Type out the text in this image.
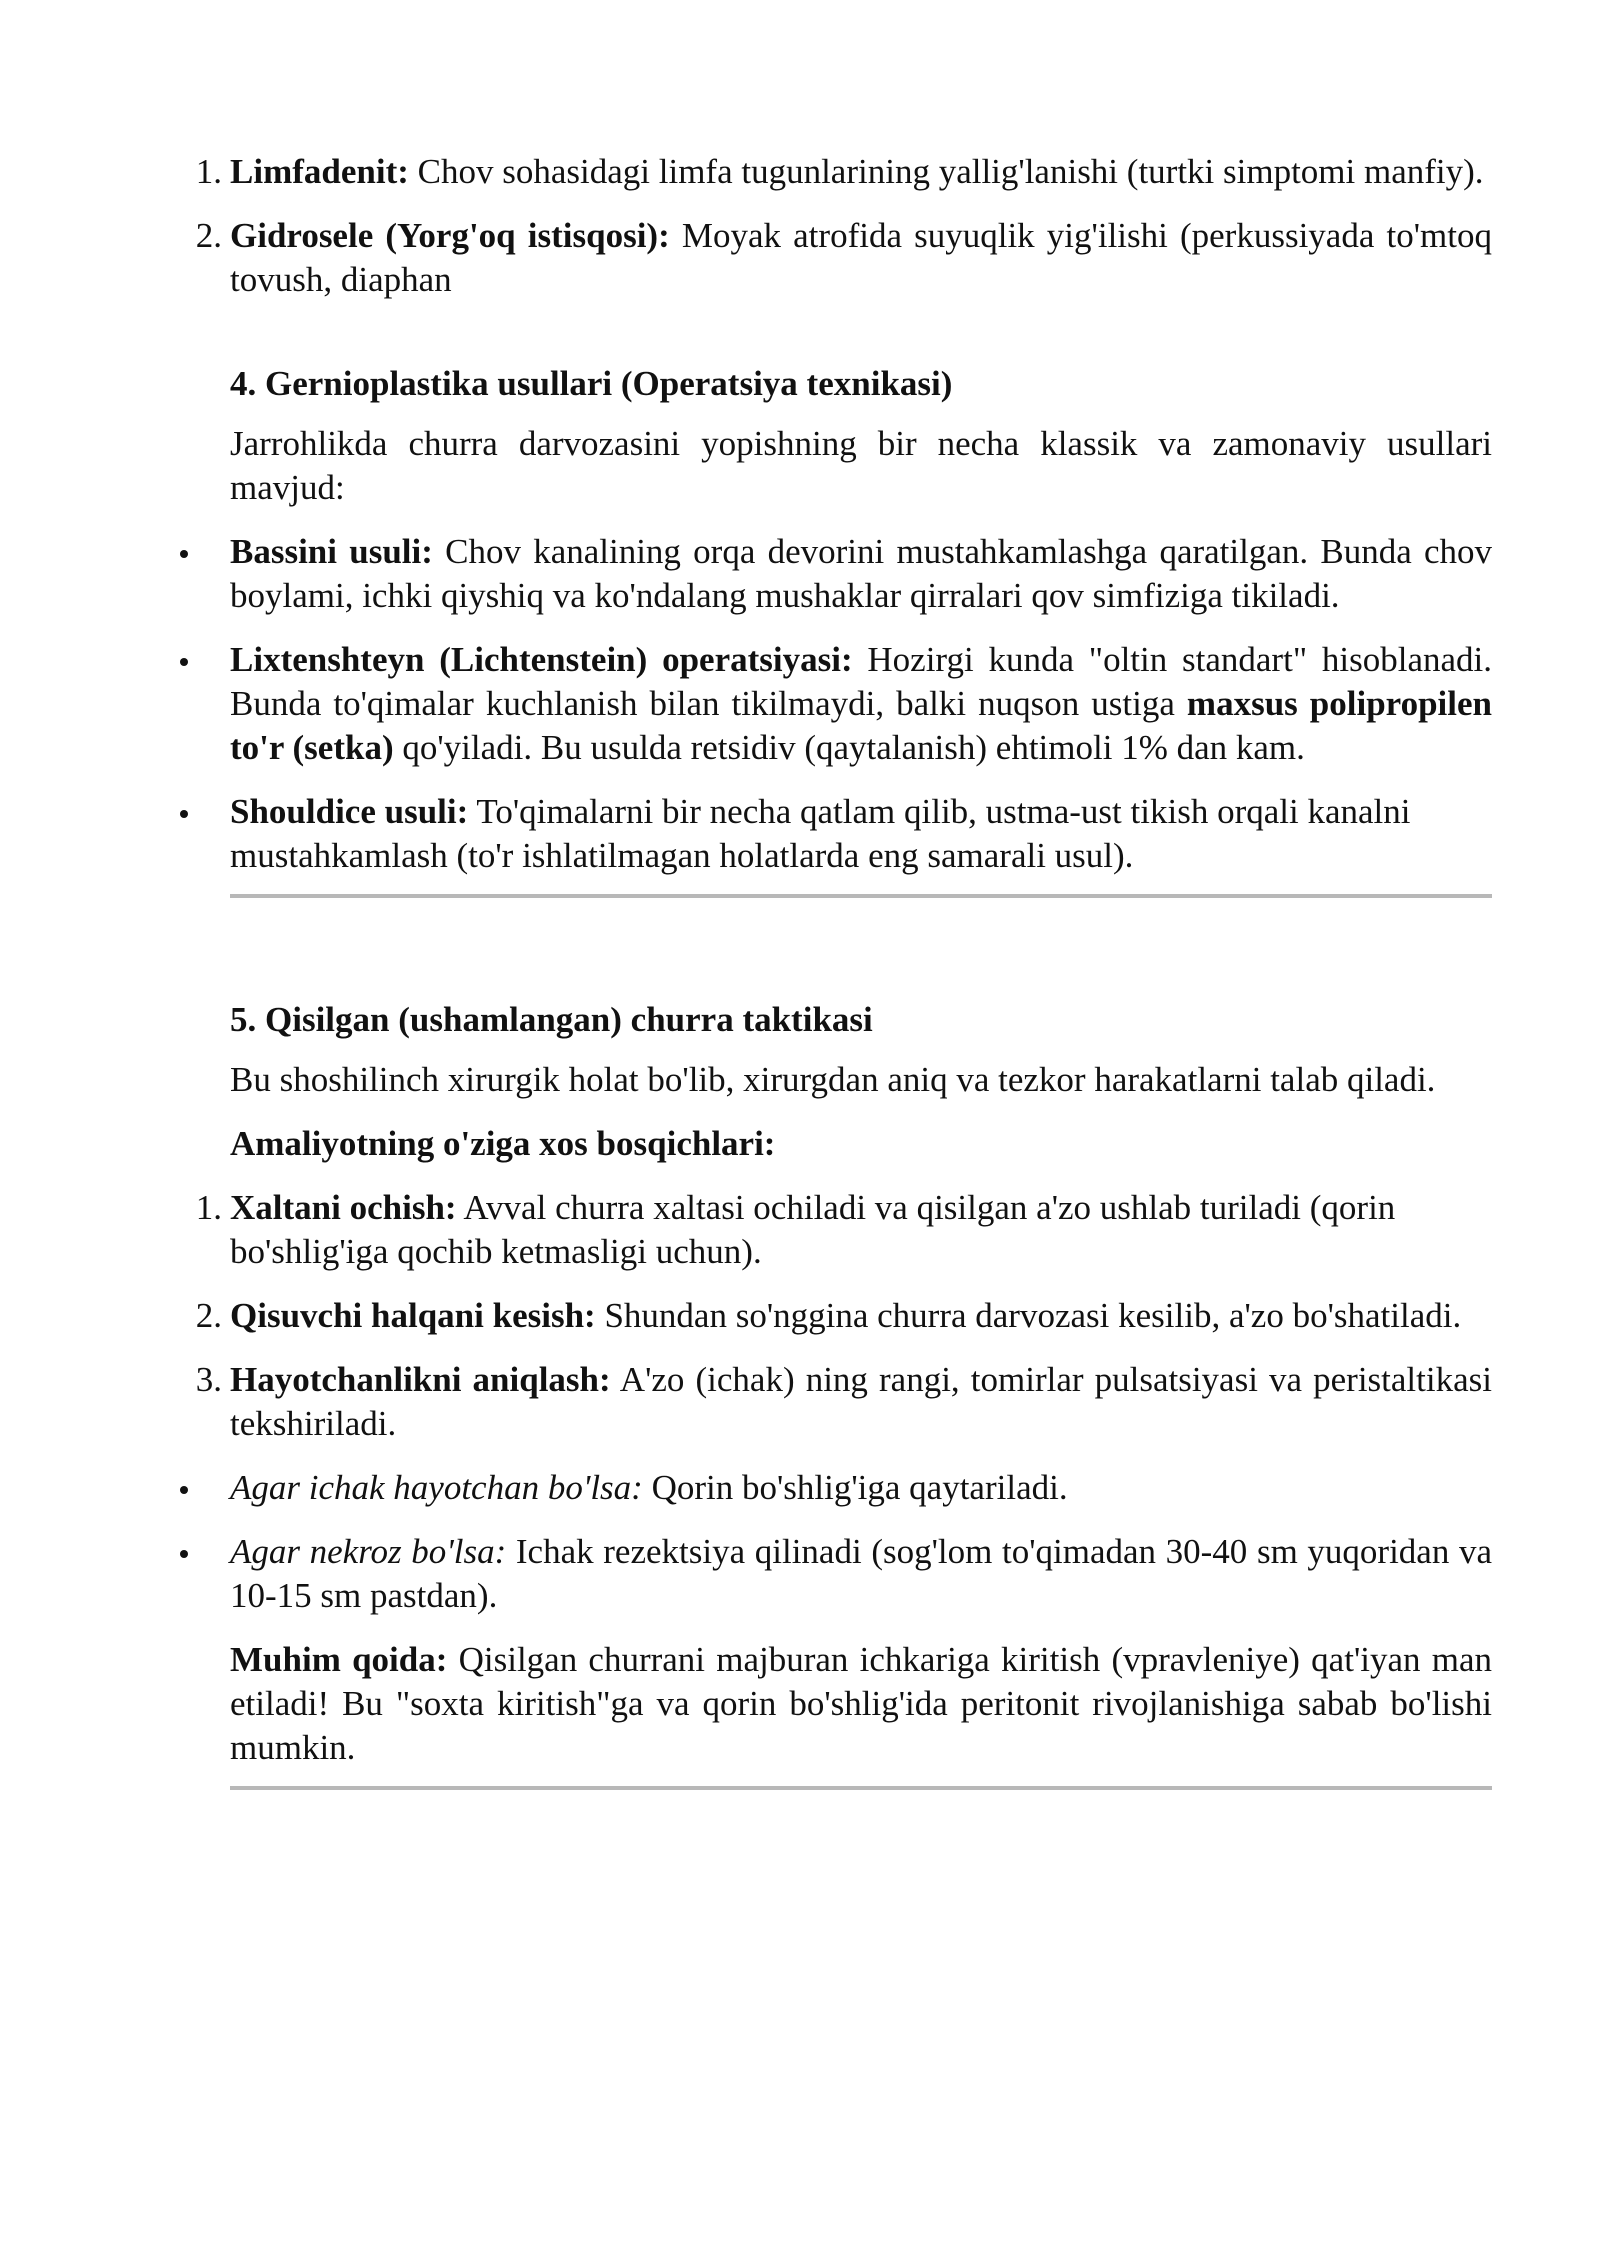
1. Limfadenit: Chov sohasidagi limfa tugunlarining yallig'lanishi (turtki simptomi manfiy).

2. Gidrosele (Yorg'oq istisqosi): Moyak atrofida suyuqlik yig'ilishi (perkussiyada to'mtoq tovush, diaphan

4. Gernioplastika usullari (Operatsiya texnikasi)

Jarrohlikda churra darvozasini yopishning bir necha klassik va zamonaviy usullari mavjud:

Bassini usuli: Chov kanalining orqa devorini mustahkamlashga qaratilgan. Bunda chov boylami, ichki qiyshiq va ko'ndalang mushaklar qirralari qov simfiziga tikiladi.

Lixtenshteyn (Lichtenstein) operatsiyasi: Hozirgi kunda "oltin standart" hisoblanadi. Bunda to'qimalar kuchlanish bilan tikilmaydi, balki nuqson ustiga maxsus polipropilen to'r (setka) qo'yiladi. Bu usulda retsidiv (qaytalanish) ehtimoli 1% dan kam.

Shouldice usuli: To'qimalarni bir necha qatlam qilib, ustma-ust tikish orqali kanalni mustahkamlash (to'r ishlatilmagan holatlarda eng samarali usul).

5. Qisilgan (ushamlangan) churra taktikasi

Bu shoshilinch xirurgik holat bo'lib, xirurgdan aniq va tezkor harakatlarni talab qiladi.

Amaliyotning o'ziga xos bosqichlari:

1. Xaltani ochish: Avval churra xaltasi ochiladi va qisilgan a'zo ushlab turiladi (qorin bo'shlig'iga qochib ketmasligi uchun).

2. Qisuvchi halqani kesish: Shundan so'nggina churra darvozasi kesilib, a'zo bo'shatiladi.

3. Hayotchanlikni aniqlash: A'zo (ichak) ning rangi, tomirlar pulsatsiyasi va peristaltikasi tekshiriladi.

Agar ichak hayotchan bo'lsa: Qorin bo'shlig'iga qaytariladi.

Agar nekroz bo'lsa: Ichak rezektsiya qilinadi (sog'lom to'qimadan 30-40 sm yuqoridan va 10-15 sm pastdan).

Muhim qoida: Qisilgan churrani majburan ichkariga kiritish (vpravleniye) qat'iyan man etiladi! Bu "soxta kiritish"ga va qorin bo'shlig'ida peritonit rivojlanishiga sabab bo'lishi mumkin.
